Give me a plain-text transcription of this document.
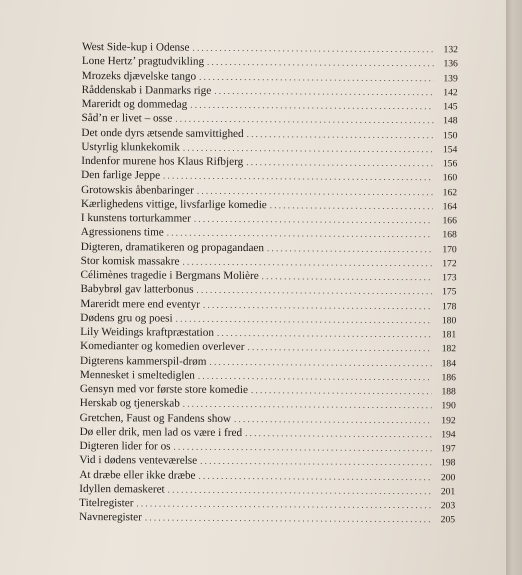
West Side-kup i Odense . . .	132
Lone Hertz’ pragtudvikling . . .	136
Mrozeks djævelske tango . . .	139
Råddenskab i Danmarks rige . . .	142
Mareridt og dommedag . . .	145
Såd’n er livet – osse . . .	148
Det onde dyrs ætsende samvittighed . . .	150
Ustyrlig klunkekomik . . .	154
Indenfor murene hos Klaus Rifbjerg . . .	156
Den farlige Jeppe . . .	160
Grotowskis åbenbaringer . . .	162
Kærlighedens vittige, livsfarlige komedie . . .	164
I kunstens torturkammer . . .	166
Agressionens time . . .	168
Digteren, dramatikeren og propagandaen . . .	170
Stor komisk massakre . . .	172
Célimènes tragedie i Bergmans Molière . . .	173
Babybrøl gav latterbonus . . .	175
Mareridt mere end eventyr . . .	178
Dødens gru og poesi . . .	180
Lily Weidings kraftpræstation . . .	181
Komedianter og komedien overlever . . .	182
Digterens kammerspil-drøm . . .	184
Mennesket i smeltediglen . . .	186
Gensyn med vor første store komedie . . .	188
Herskab og tjenerskab . . .	190
Gretchen, Faust og Fandens show . . .	192
Dø eller drik, men lad os være i fred . . .	194
Digteren lider for os . . .	197
Vid i dødens venteværelse . . .	198
At dræbe eller ikke dræbe . . .	200
Idyllen demaskeret . . .	201
Titelregister . . .	203
Navneregister . . .	205
